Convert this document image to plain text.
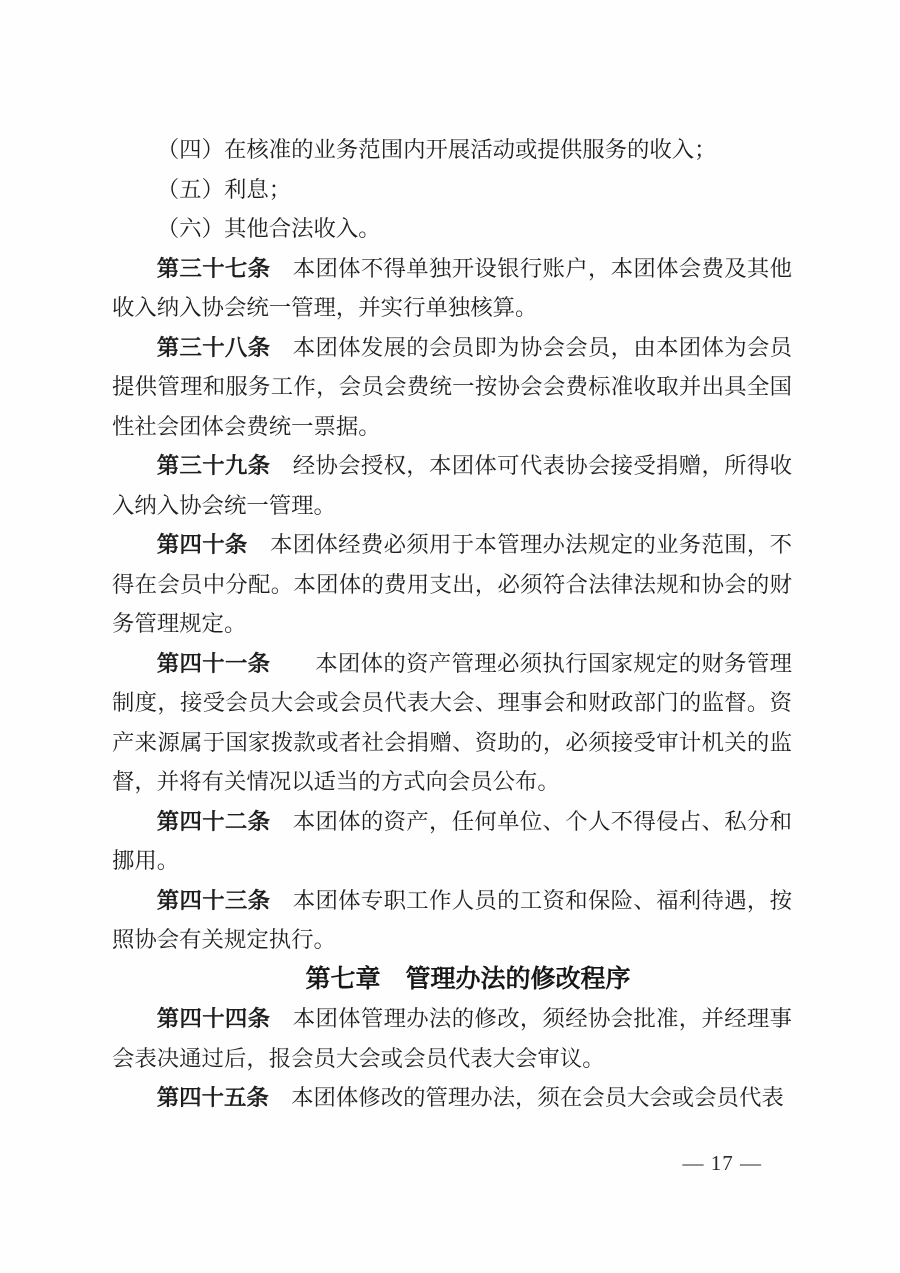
（四）在核准的业务范围内开展活动或提供服务的收入；

（五）利息；

（六）其他合法收入。

第三十七条 本团体不得单独开设银行账户，本团体会费及其他收入纳入协会统一管理，并实行单独核算。

第三十八条 本团体发展的会员即为协会会员，由本团体为会员提供管理和服务工作，会员会费统一按协会会费标准收取并出具全国性社会团体会费统一票据。

第三十九条 经协会授权，本团体可代表协会接受捐赠，所得收入纳入协会统一管理。

第四十条 本团体经费必须用于本管理办法规定的业务范围，不得在会员中分配。本团体的费用支出，必须符合法律法规和协会的财务管理规定。

第四十一条 本团体的资产管理必须执行国家规定的财务管理制度，接受会员大会或会员代表大会、理事会和财政部门的监督。资产来源属于国家拨款或者社会捐赠、资助的，必须接受审计机关的监督，并将有关情况以适当的方式向会员公布。

第四十二条 本团体的资产，任何单位、个人不得侵占、私分和挪用。

第四十三条 本团体专职工作人员的工资和保险、福利待遇，按照协会有关规定执行。

第七章 管理办法的修改程序

第四十四条 本团体管理办法的修改，须经协会批准，并经理事会表决通过后，报会员大会或会员代表大会审议。

第四十五条 本团体修改的管理办法，须在会员大会或会员代表

— 17 —
